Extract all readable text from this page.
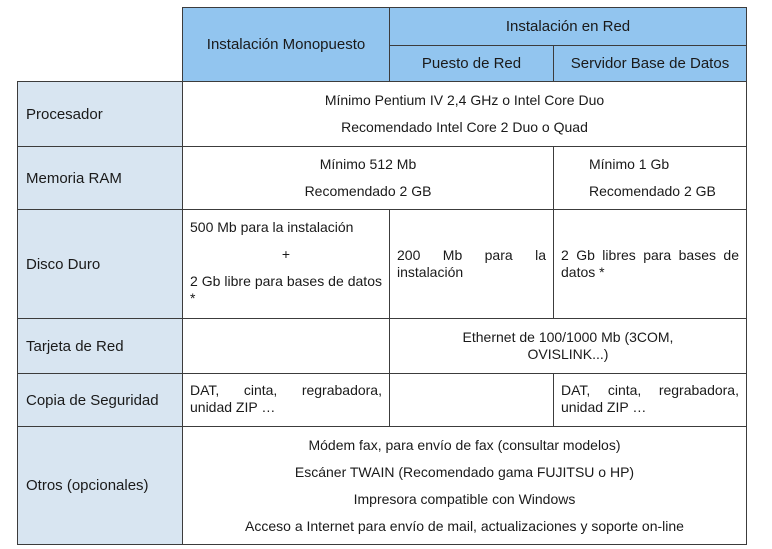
Instalación Monopuesto
Instalación en Red
Puesto de Red	Servidor Base de Datos
Procesador
Mínimo Pentium IV 2,4 GHz o Intel Core Duo
Recomendado Intel Core 2 Duo o Quad
Memoria RAM
Mínimo 512 Mb
Recomendado 2 GB
Mínimo 1 Gb
Recomendado 2 GB
Disco Duro
500 Mb para la instalación
+
2 Gb libre para bases de datos *
200 Mb para la instalación
2 Gb libres para bases de datos *
Tarjeta de Red
Ethernet de 100/1000 Mb (3COM,
OVISLINK...)
Copia de Seguridad
DAT, cinta, regrabadora, unidad ZIP …
DAT, cinta, regrabadora, unidad ZIP …
Otros (opcionales)
Módem fax, para envío de fax (consultar modelos)
Escáner TWAIN (Recomendado gama FUJITSU o HP)
Impresora compatible con Windows
Acceso a Internet para envío de mail, actualizaciones y soporte on-line
